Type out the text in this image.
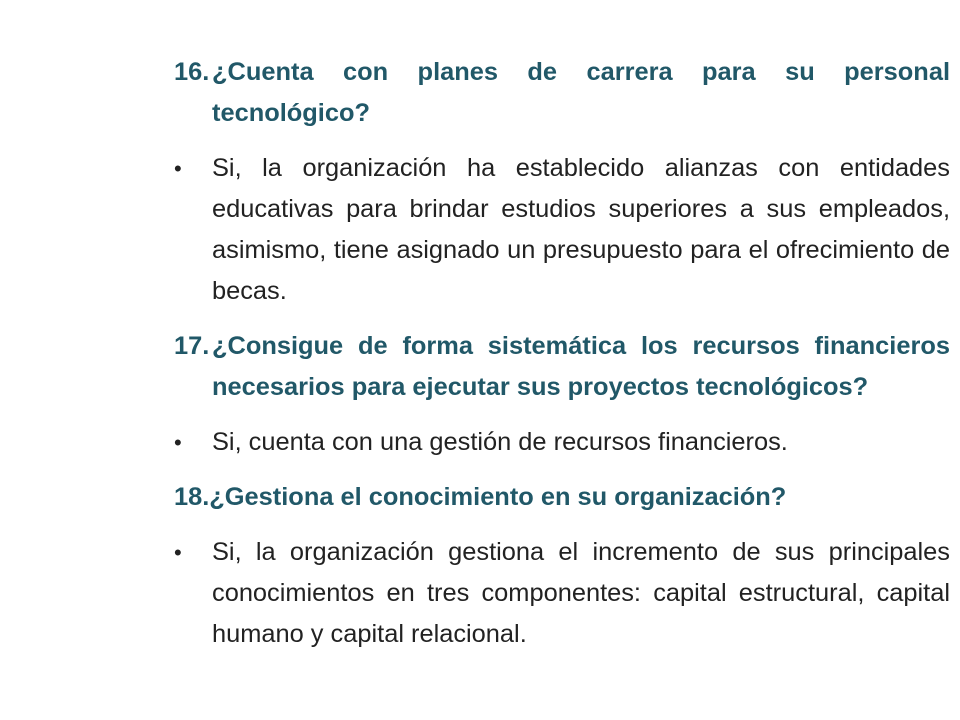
16. ¿Cuenta con planes de carrera para su personal tecnológico?

•	Si, la organización ha establecido alianzas con entidades educativas para brindar estudios superiores a sus empleados, asimismo, tiene asignado un presupuesto para el ofrecimiento de becas.

17. ¿Consigue de forma sistemática los recursos financieros necesarios para ejecutar sus proyectos tecnológicos?

•	Si, cuenta con una gestión de recursos financieros.

18.¿Gestiona el conocimiento en su organización?

•	Si, la organización gestiona el incremento de sus principales conocimientos en tres componentes: capital estructural, capital humano y capital relacional.
